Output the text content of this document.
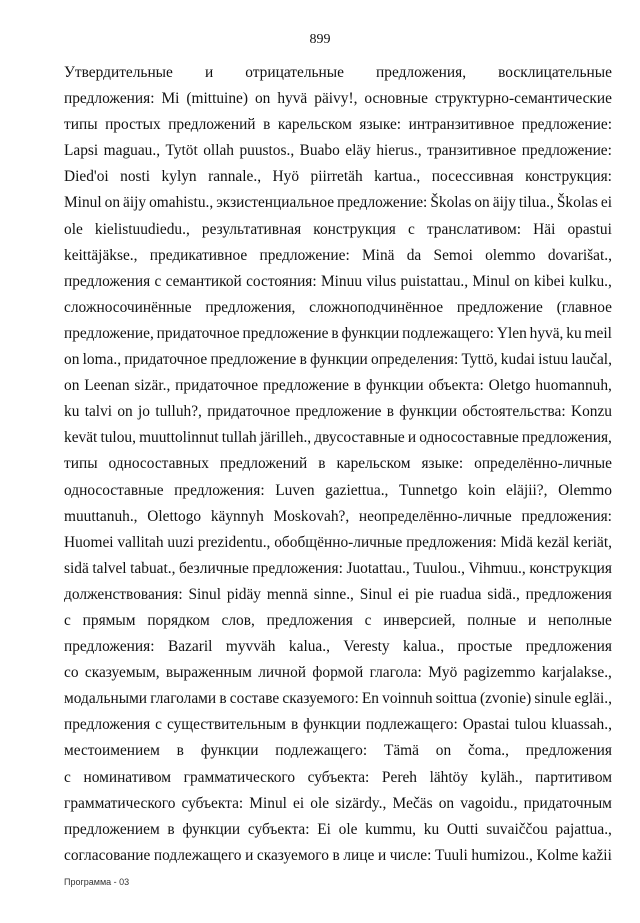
899
Утвердительные и отрицательные предложения, восклицательные
предложения: Mi (mittuine) on hyvä päivy!, основные структурно-семантические
типы простых предложений в карельском языке: интранзитивное предложение:
Lapsi maguau., Tytöt ollah puustos., Buabo eläy hierus., транзитивное предложение:
Died'oi nosti kylyn rannale., Hyö piirretäh kartua., посессивная конструкция:
Minul on äijy omahistu., экзистенциальное предложение: Školas on äijy tilua., Školas ei
ole kielistuudiedu., результативная конструкция с транслативом: Häi opastui
keittäjäkse., предикативное предложение: Minä da Semoi olemmo dovarišat.,
предложения с семантикой состояния: Minuu vilus puistattau., Minul on kibei kulku.,
сложносочинённые предложения, сложноподчинённое предложение (главное
предложение, придаточное предложение в функции подлежащего: Ylen hyvä, ku meil
on loma., придаточное предложение в функции определения: Tyttö, kudai istuu laučal,
on Leenan sizär., придаточное предложение в функции объекта: Oletgo huomannuh,
ku talvi on jo tulluh?, придаточное предложение в функции обстоятельства: Konzu
kevät tulou, muuttolinnut tullah järilleh., двусоставные и односоставные предложения,
типы односоставных предложений в карельском языке: определённо-личные
односоставные предложения: Luven gaziettua., Tunnetgo koin eläjii?, Olemmo
muuttanuh., Olettogo käynnyh Moskovah?, неопределённо-личные предложения:
Huomei vallitah uuzi prezidentu., обобщённо-личные предложения: Midä kezäl keriät,
sidä talvel tabuat., безличные предложения: Juotattau., Tuulou., Vihmuu., конструкция
долженствования: Sinul pidäy mennä sinne., Sinul ei pie ruadua sidä., предложения
с прямым порядком слов, предложения с инверсией, полные и неполные
предложения: Bazaril myvväh kalua., Veresty kalua., простые предложения
со сказуемым, выраженным личной формой глагола: Myö pagizemmo karjalakse.,
модальными глаголами в составе сказуемого: En voinnuh soittua (zvonie) sinule egläi.,
предложения с существительным в функции подлежащего: Opastai tulou kluassah.,
местоимением в функции подлежащего: Tämä on čoma., предложения
с номинативом грамматического субъекта: Pereh lähtöy kyläh., партитивом
грамматического субъекта: Minul ei ole sizärdy., Mečäs on vagoidu., придаточным
предложением в функции субъекта: Ei ole kummu, ku Outti suvaiččou pajattua.,
согласование подлежащего и сказуемого в лице и числе: Tuuli humizou., Kolme kažii
Программа - 03
